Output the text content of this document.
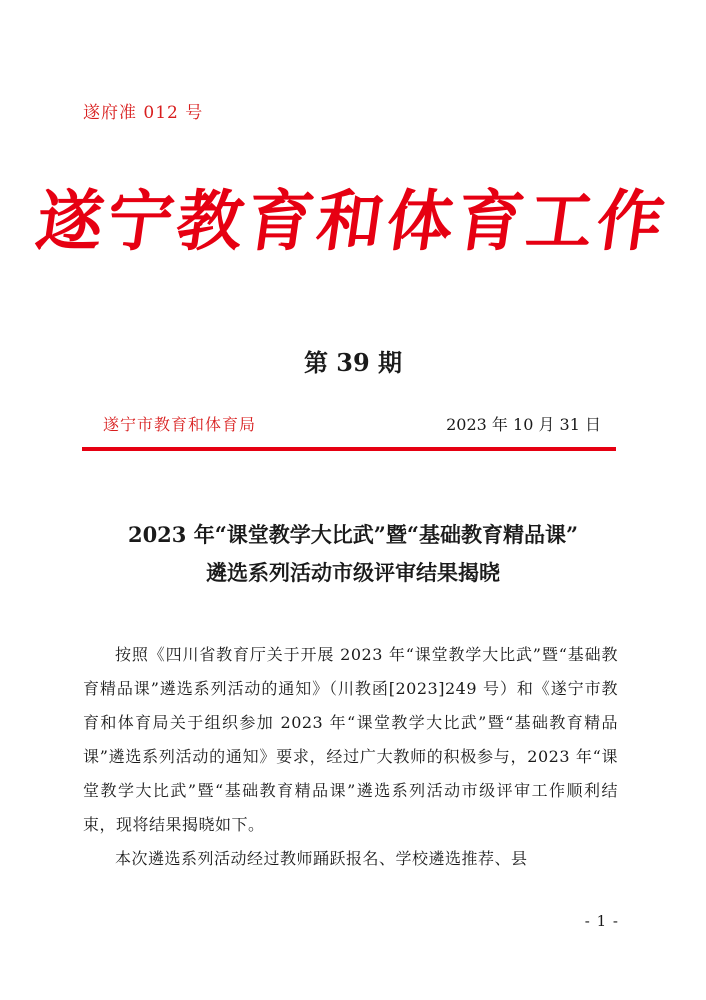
遂府准 012 号
遂宁教育和体育工作
第 39 期
遂宁市教育和体育局	2023 年 10 月 31 日
2023 年“课堂教学大比武”暨“基础教育精品课”
遴选系列活动市级评审结果揭晓

按照《四川省教育厅关于开展 2023 年“课堂教学大比武”暨“基础教育精品课”遴选系列活动的通知》（川教函[2023]249 号）和《遂宁市教育和体育局关于组织参加 2023 年“课堂教学大比武”暨“基础教育精品课”遴选系列活动的通知》要求，经过广大教师的积极参与，2023 年“课堂教学大比武”暨“基础教育精品课”遴选系列活动市级评审工作顺利结束，现将结果揭晓如下。

本次遴选系列活动经过教师踊跃报名、学校遴选推荐、县

- 1 -
